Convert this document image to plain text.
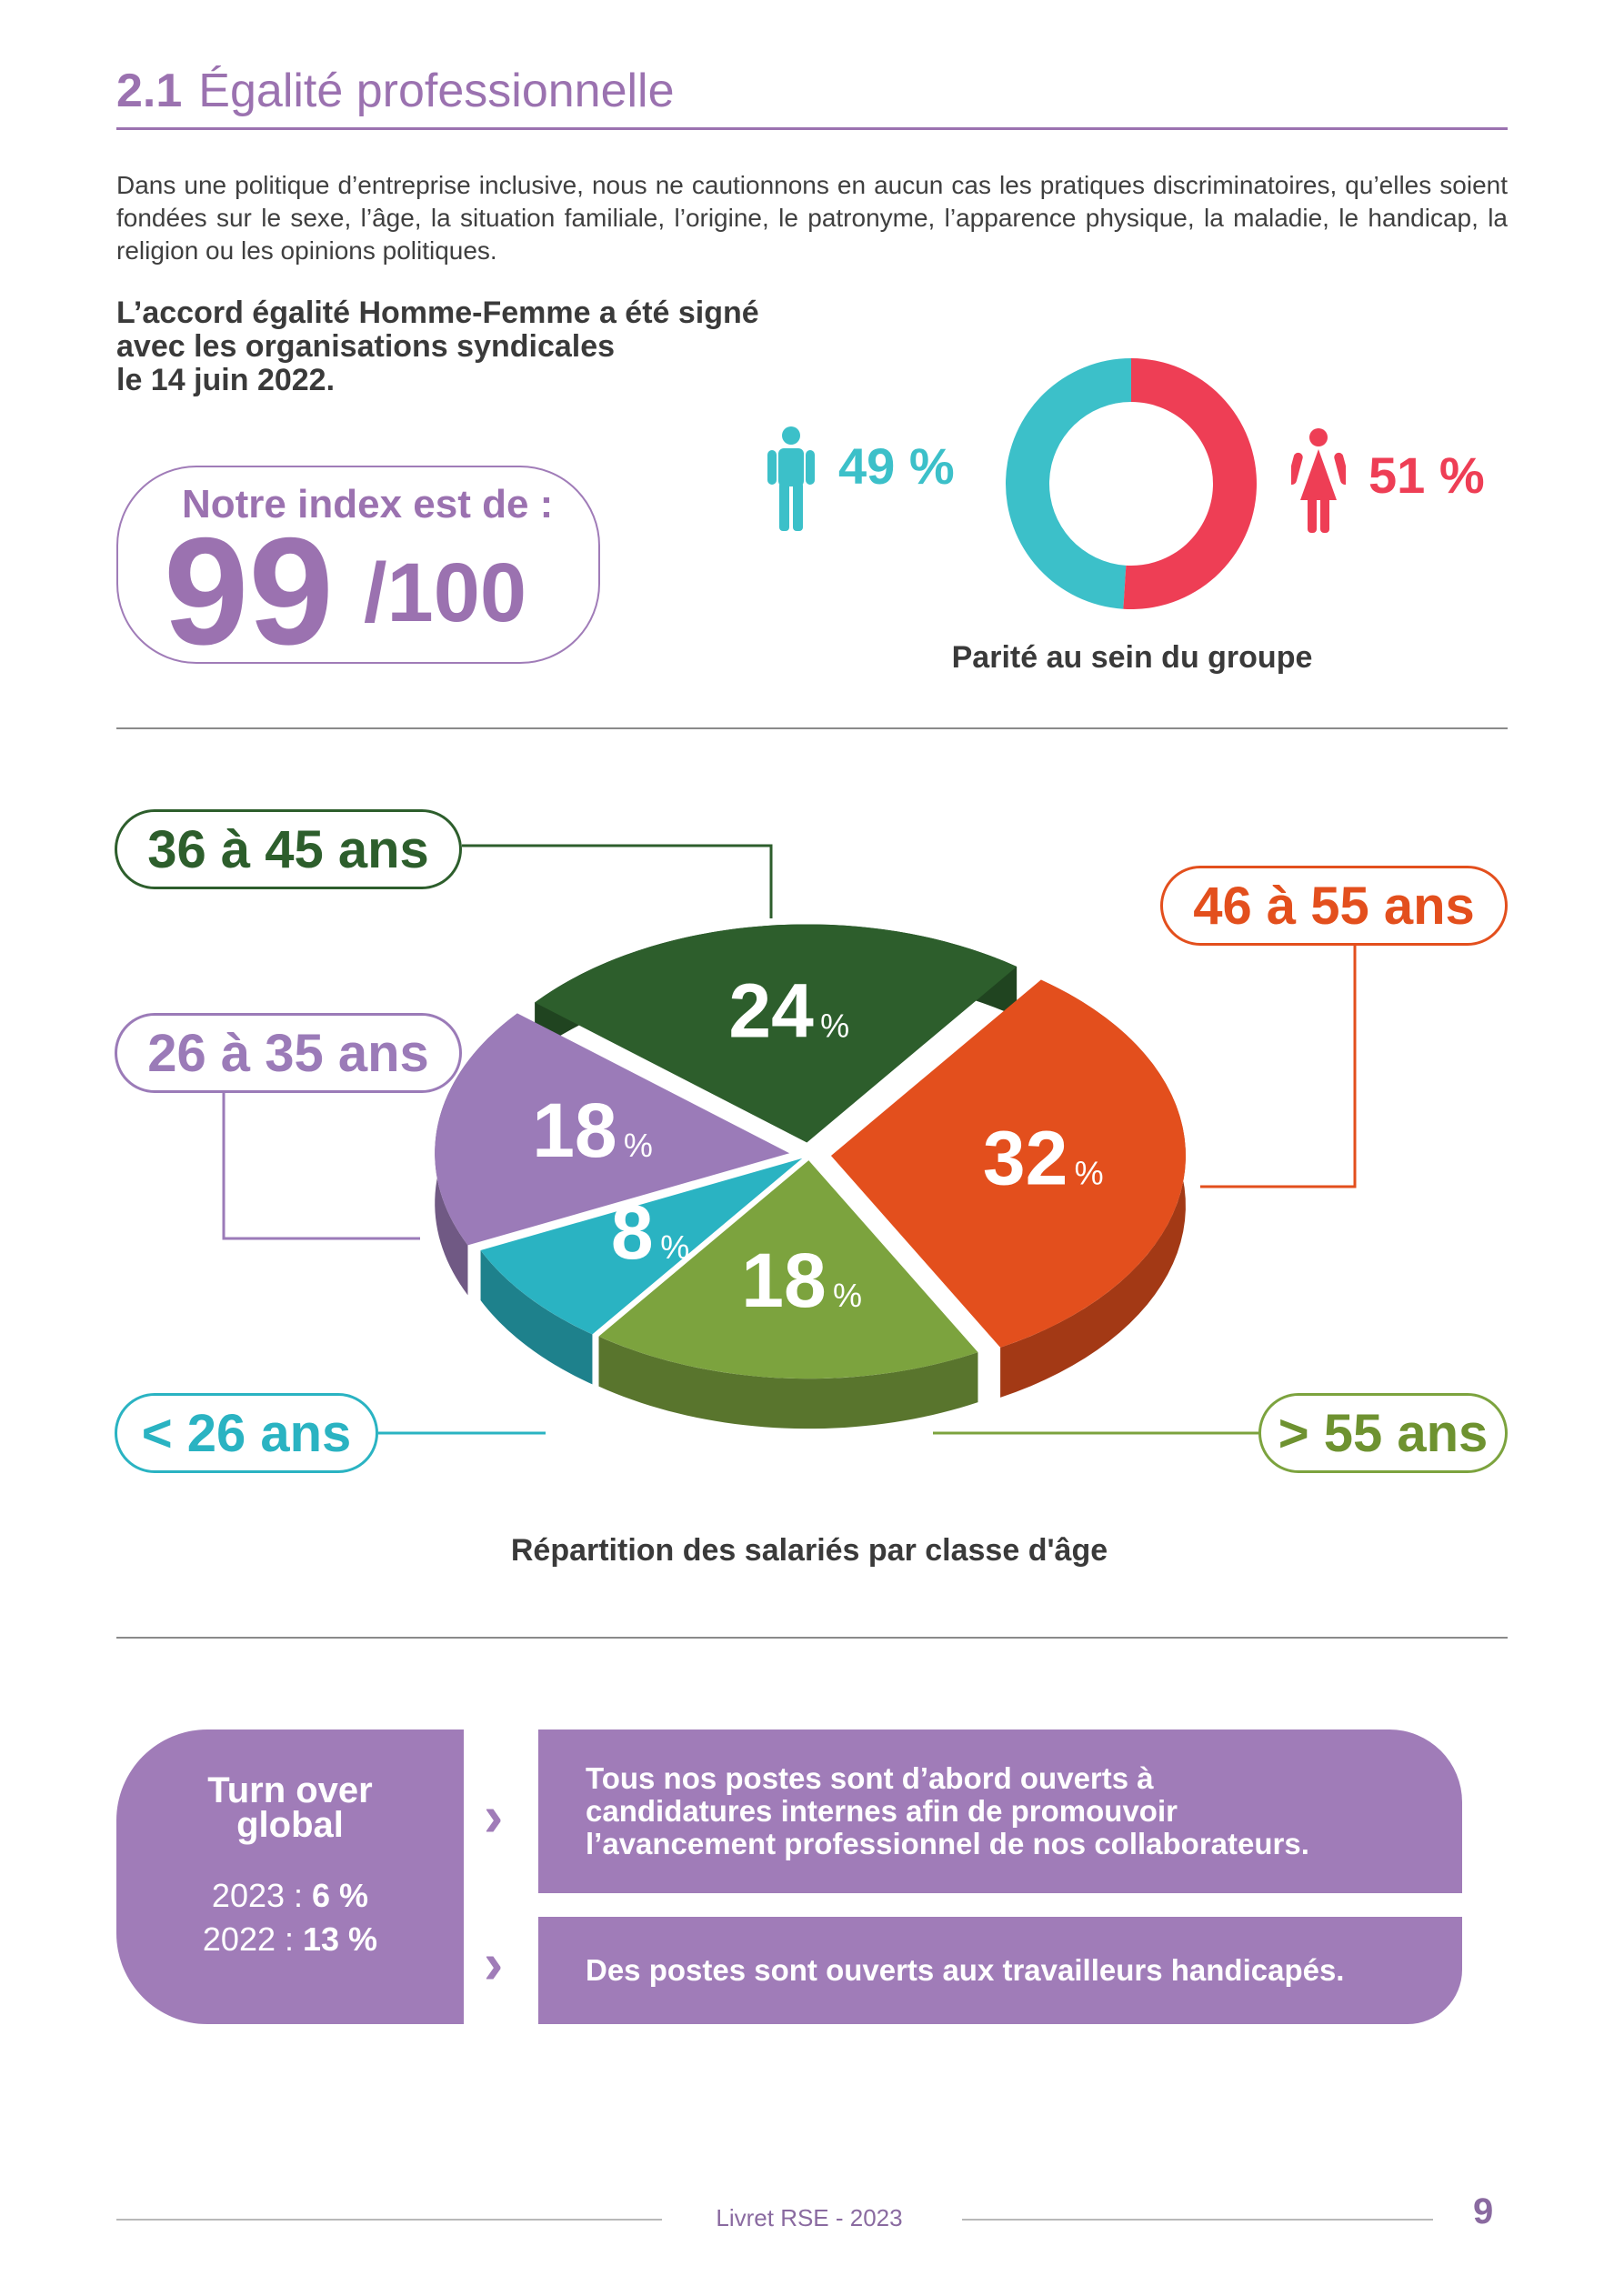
2.1 Égalité professionnelle
Dans une politique d’entreprise inclusive, nous ne cautionnons en aucun cas les pratiques discriminatoires, qu’elles soient fondées sur le sexe, l’âge, la situation familiale, l’origine, le patronyme, l’apparence physique, la maladie, le handicap, la religion ou les opinions politiques.
L’accord égalité Homme-Femme a été signé
avec les organisations syndicales
le 14 juin 2022.
Notre index est de :
99 /100
49 %	51 %
Parité au sein du groupe
24 %
32 %
18 %
8 %
18 %
36 à 45 ans
46 à 55 ans
26 à 35 ans
< 26 ans	> 55 ans
Répartition des salariés par classe d'âge
Turn over
global
2023 : 6 %
2022 : 13 %
›
›
Tous nos postes sont d’abord ouverts à
candidatures internes afin de promouvoir
l’avancement professionnel de nos collaborateurs.
Des postes sont ouverts aux travailleurs handicapés.
Livret RSE - 2023	9
